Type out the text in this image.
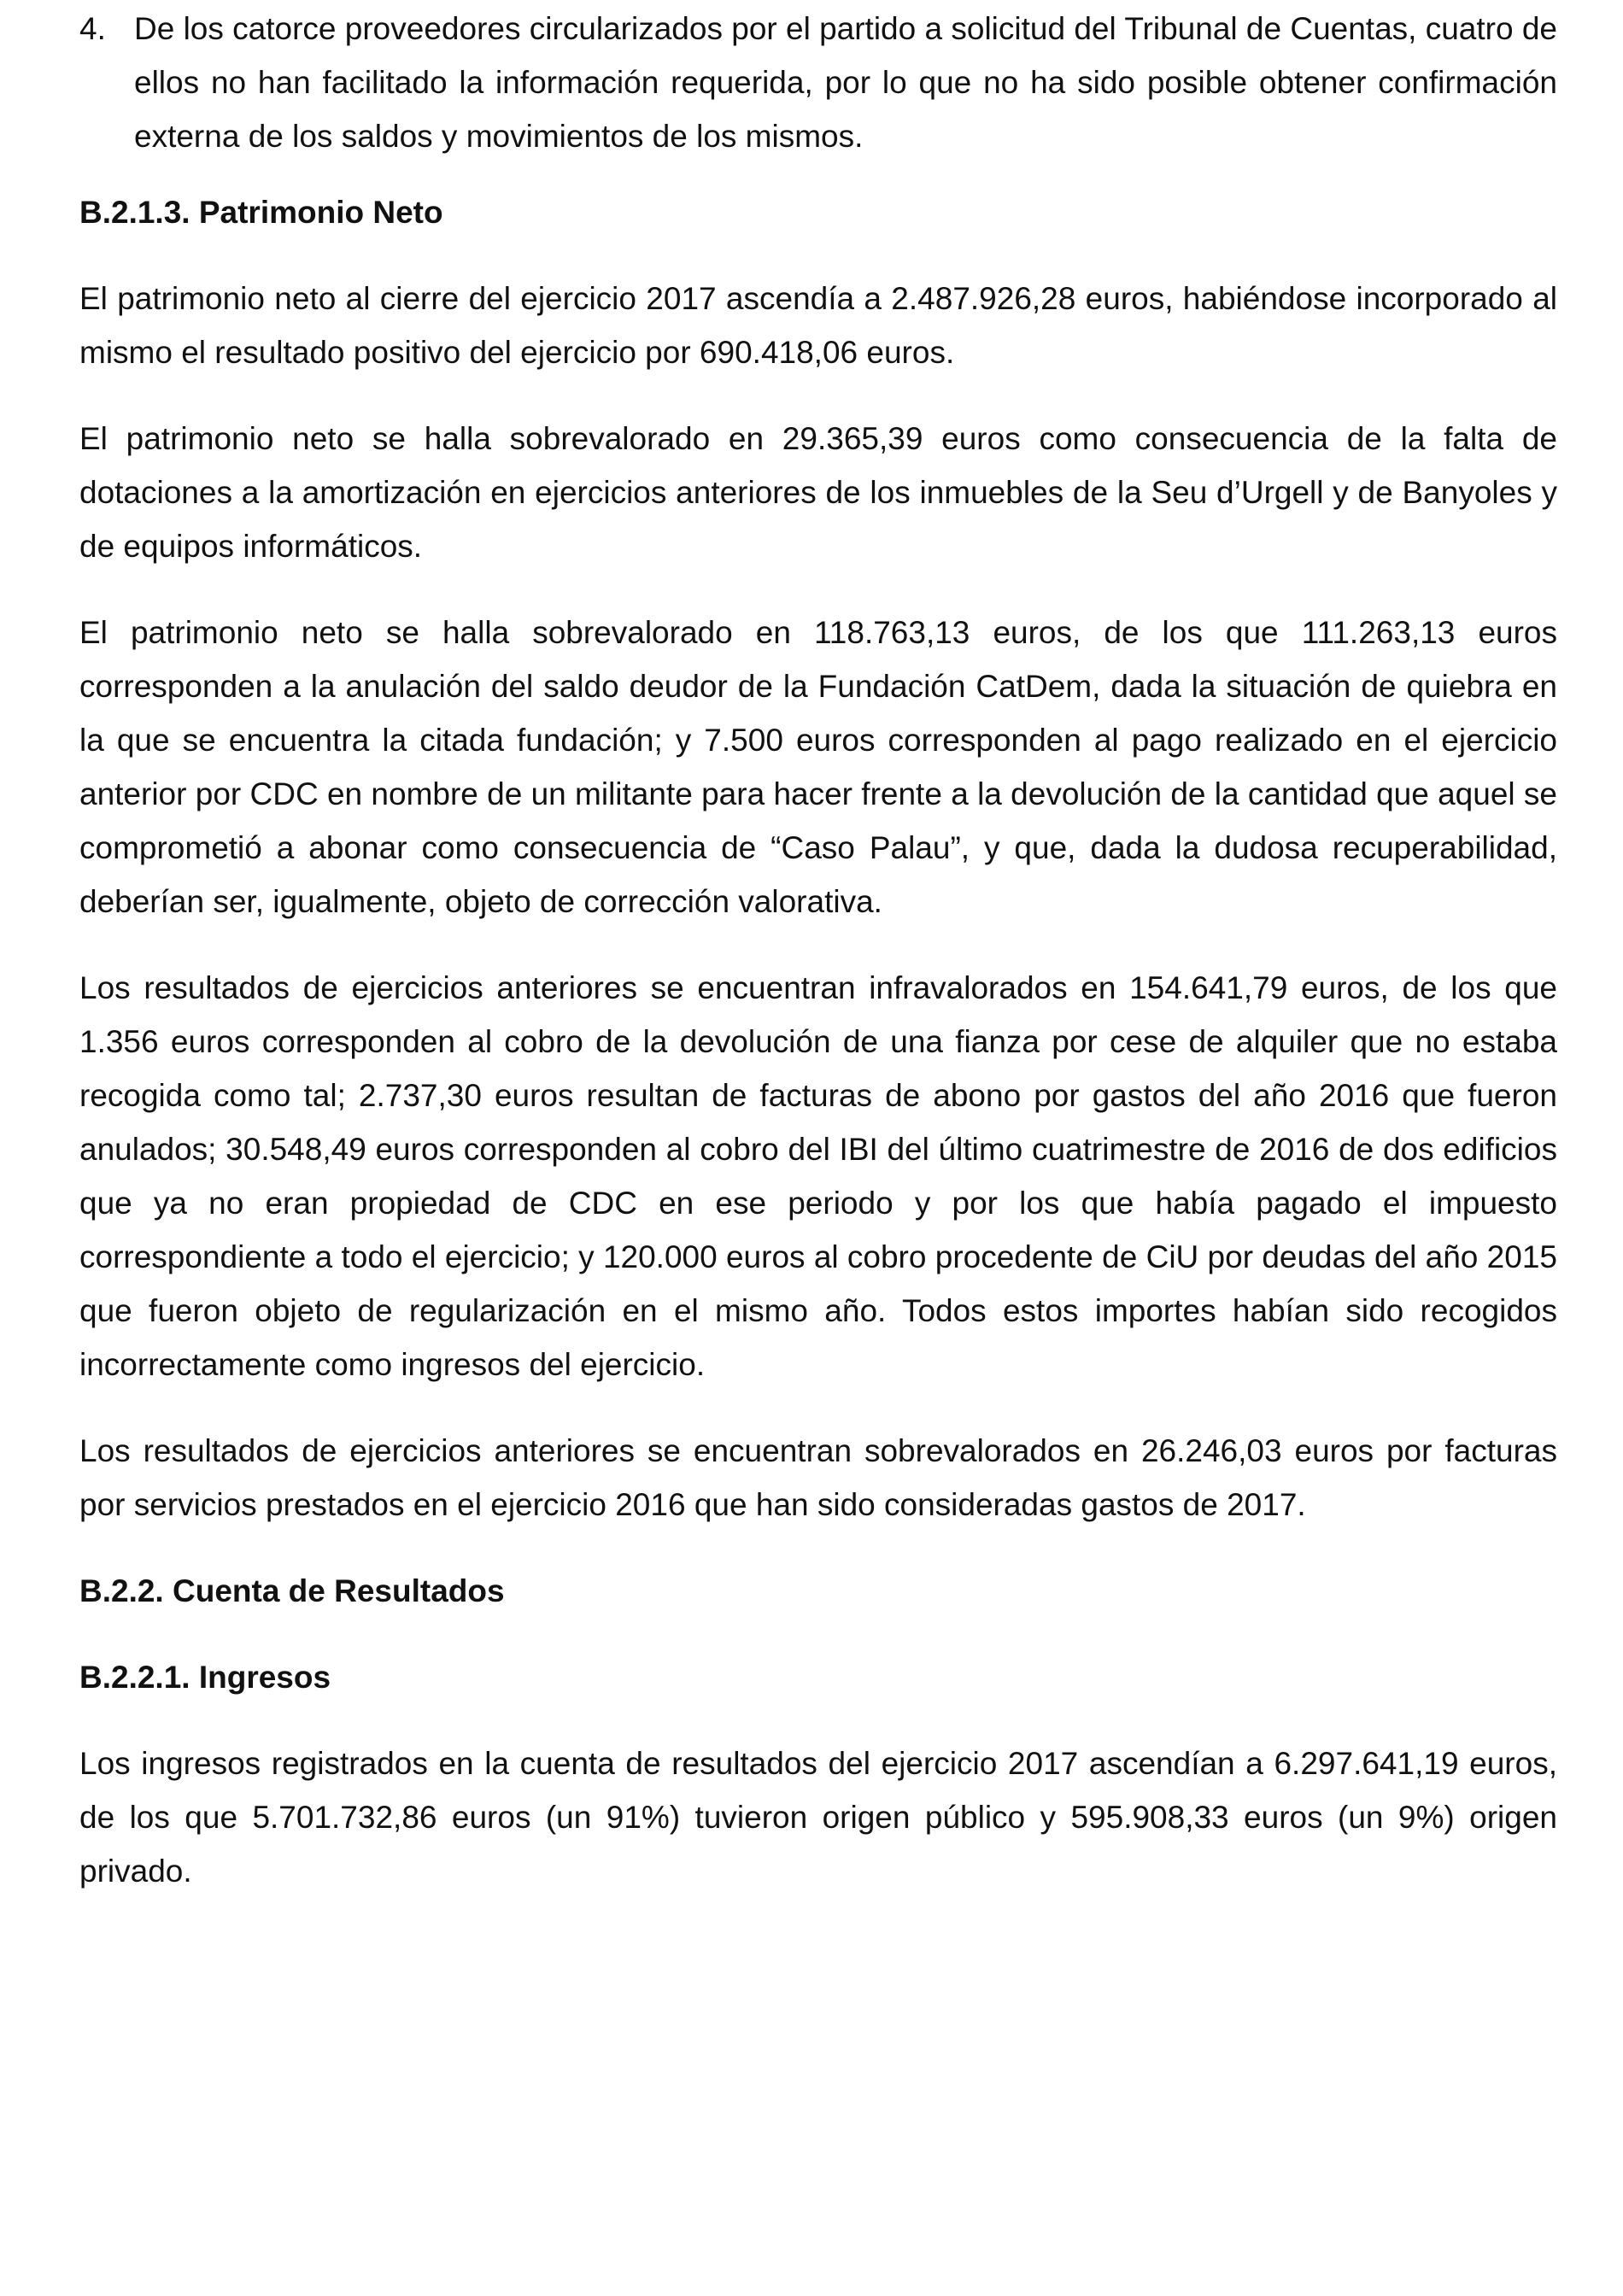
4. De los catorce proveedores circularizados por el partido a solicitud del Tribunal de Cuentas, cuatro de ellos no han facilitado la información requerida, por lo que no ha sido posible obtener confirmación externa de los saldos y movimientos de los mismos.
B.2.1.3. Patrimonio Neto

El patrimonio neto al cierre del ejercicio 2017 ascendía a 2.487.926,28 euros, habiéndose incorporado al mismo el resultado positivo del ejercicio por 690.418,06 euros.

El patrimonio neto se halla sobrevalorado en 29.365,39 euros como consecuencia de la falta de dotaciones a la amortización en ejercicios anteriores de los inmuebles de la Seu d’Urgell y de Banyoles y de equipos informáticos.

El patrimonio neto se halla sobrevalorado en 118.763,13 euros, de los que 111.263,13 euros corresponden a la anulación del saldo deudor de la Fundación CatDem, dada la situación de quiebra en la que se encuentra la citada fundación; y 7.500 euros corresponden al pago realizado en el ejercicio anterior por CDC en nombre de un militante para hacer frente a la devolución de la cantidad que aquel se comprometió a abonar como consecuencia de “Caso Palau”, y que, dada la dudosa recuperabilidad, deberían ser, igualmente, objeto de corrección valorativa.

Los resultados de ejercicios anteriores se encuentran infravalorados en 154.641,79 euros, de los que 1.356 euros corresponden al cobro de la devolución de una fianza por cese de alquiler que no estaba recogida como tal; 2.737,30 euros resultan de facturas de abono por gastos del año 2016 que fueron anulados; 30.548,49 euros corresponden al cobro del IBI del último cuatrimestre de 2016 de dos edificios que ya no eran propiedad de CDC en ese periodo y por los que había pagado el impuesto correspondiente a todo el ejercicio; y 120.000 euros al cobro procedente de CiU por deudas del año 2015 que fueron objeto de regularización en el mismo año. Todos estos importes habían sido recogidos incorrectamente como ingresos del ejercicio.

Los resultados de ejercicios anteriores se encuentran sobrevalorados en 26.246,03 euros por facturas por servicios prestados en el ejercicio 2016 que han sido consideradas gastos de 2017.

B.2.2. Cuenta de Resultados
B.2.2.1. Ingresos

Los ingresos registrados en la cuenta de resultados del ejercicio 2017 ascendían a 6.297.641,19 euros, de los que 5.701.732,86 euros (un 91%) tuvieron origen público y 595.908,33 euros (un 9%) origen privado.
